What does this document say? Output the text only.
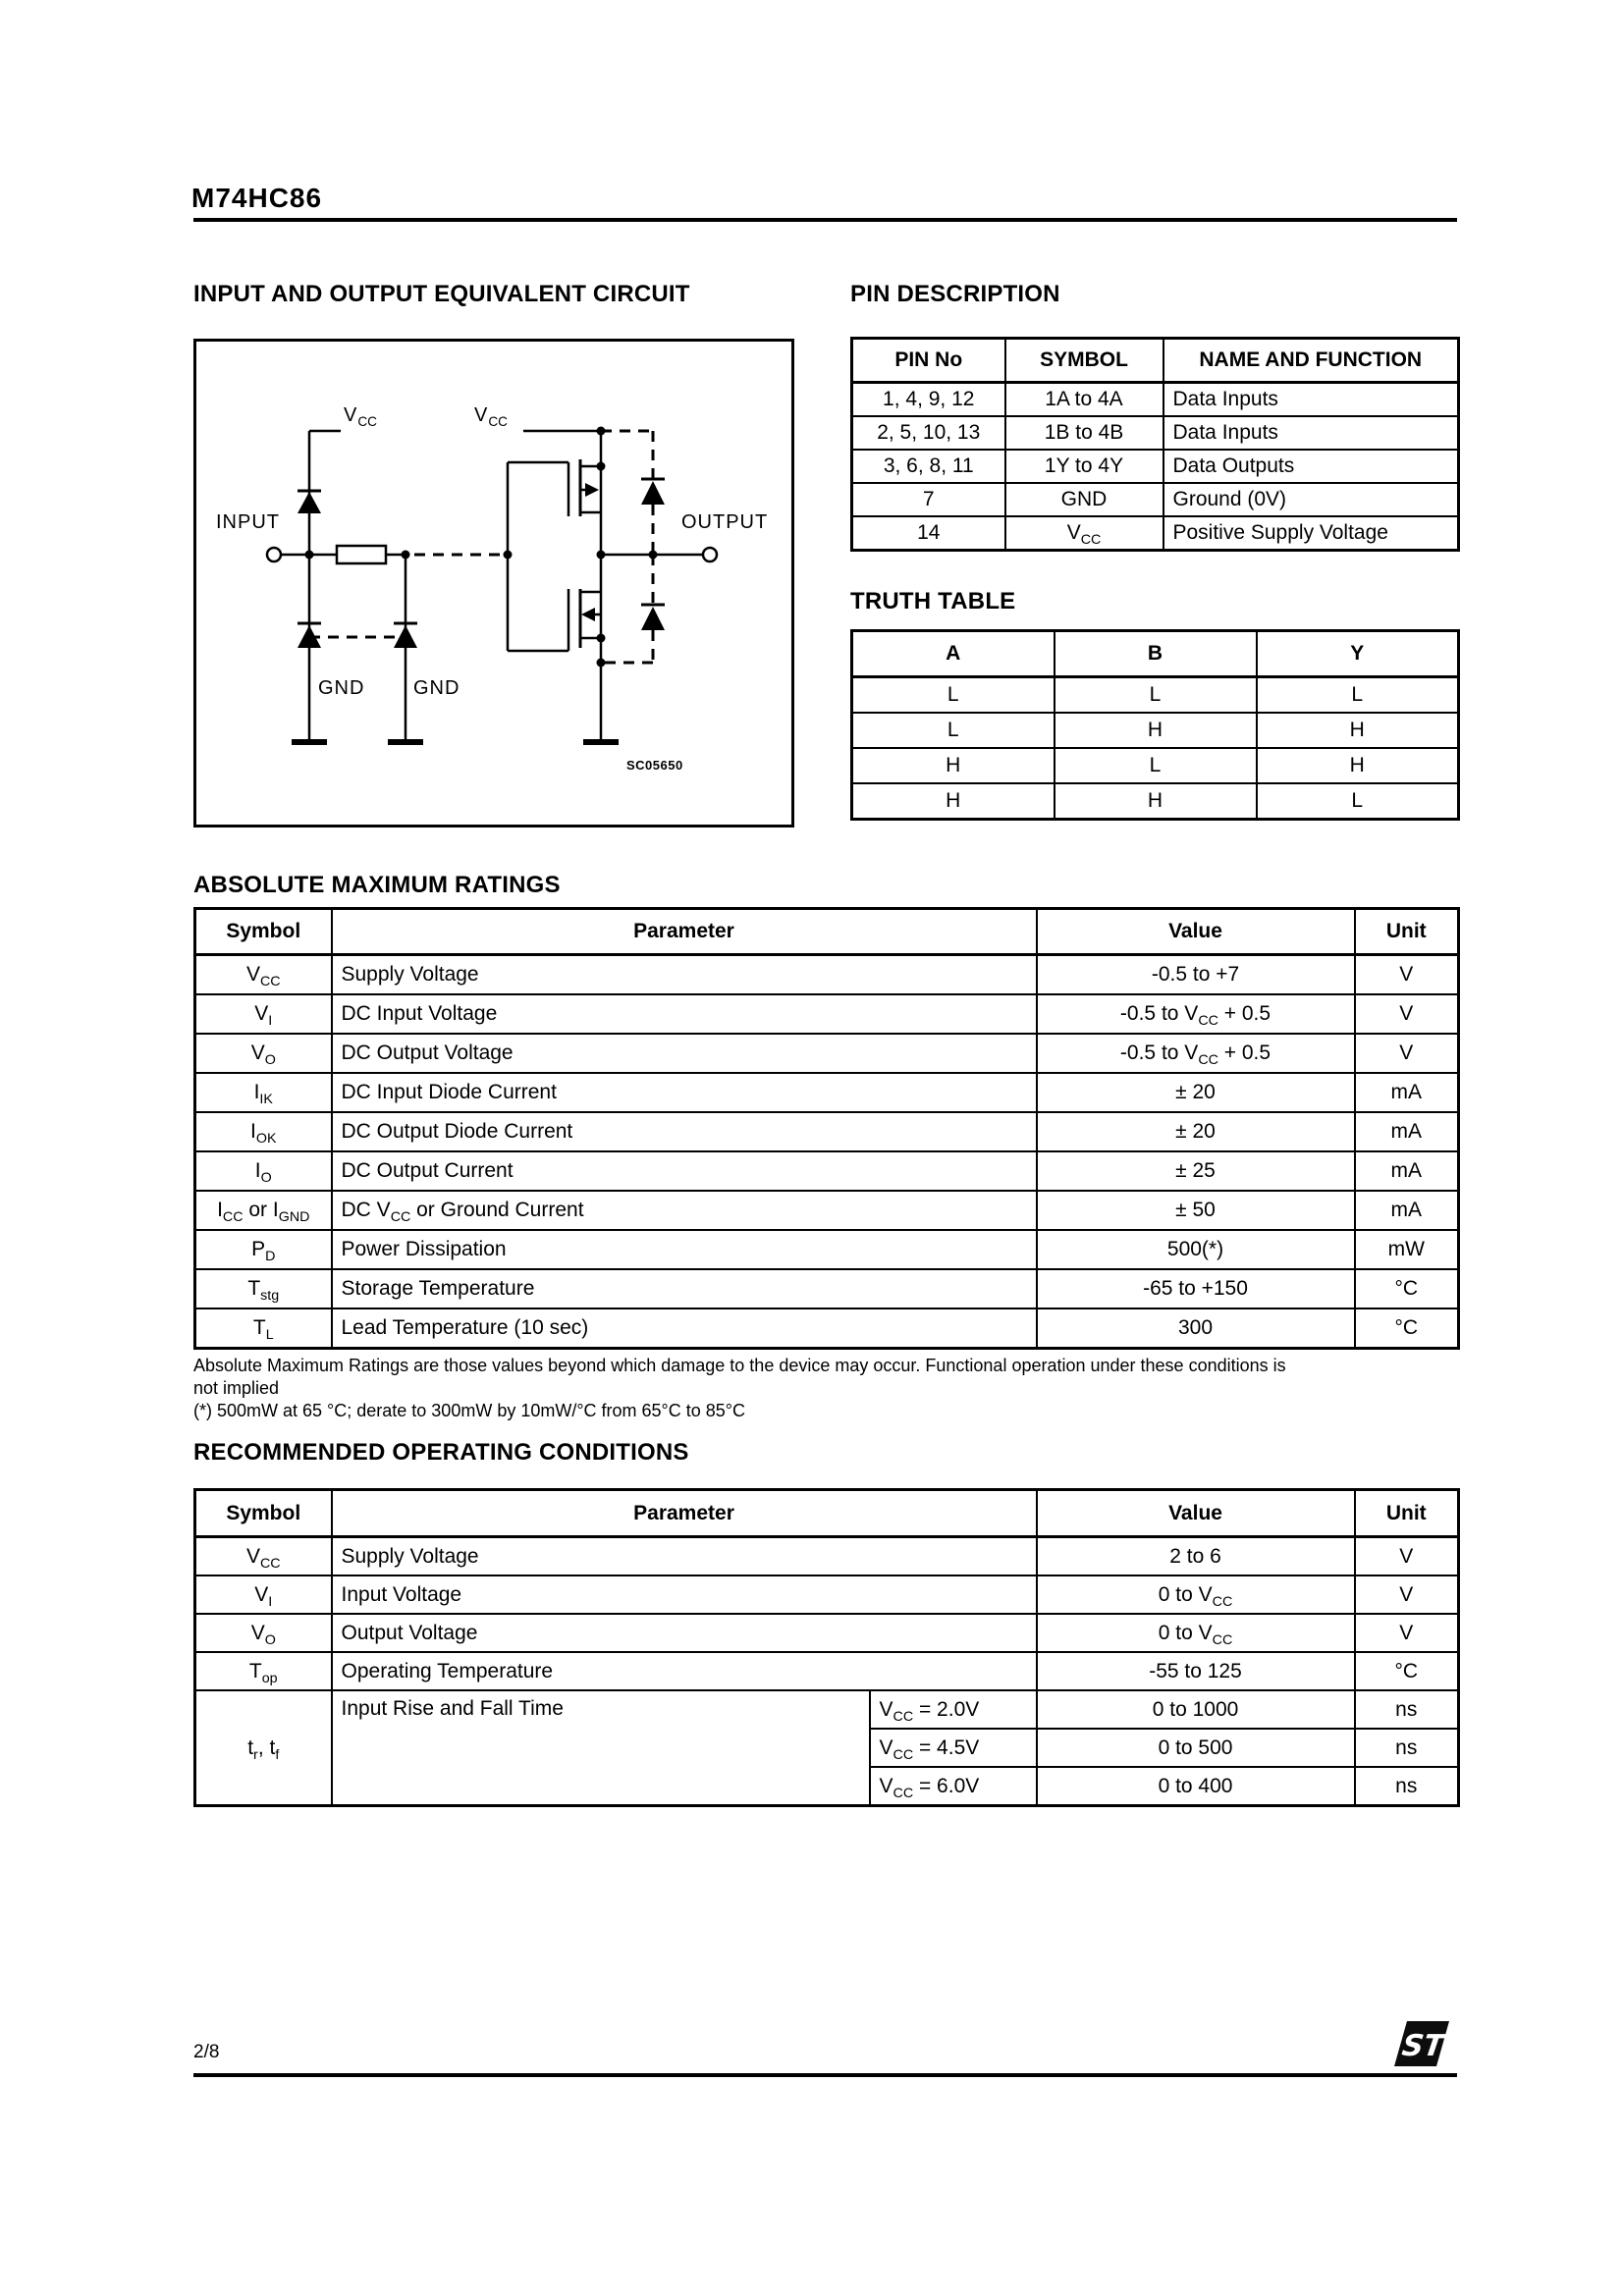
M74HC86
INPUT AND OUTPUT EQUIVALENT CIRCUIT
$V_{CC}$	$V_{CC}$
INPUT	OUTPUT
GND GND
SC05650
PIN DESCRIPTION
PIN No	SYMBOL	NAME AND FUNCTION
1, 4, 9, 12	1A to 4A	Data Inputs
2, 5, 10, 13	1B to 4B	Data Inputs
3, 6, 8, 11	1Y to 4Y	Data Outputs
7	GND	Ground (0V)
14	$V_{CC}$	Positive Supply Voltage
TRUTH TABLE
A	B	Y
L	L	L
L	H	H
H	L	H
H	H	L
ABSOLUTE MAXIMUM RATINGS
Symbol	Parameter	Value	Unit
$V_{CC}$	Supply Voltage	-0.5 to +7	V
$V_I$	DC Input Voltage	-0.5 to $V_{CC} + 0.5$	V
$V_O$	DC Output Voltage	-0.5 to $V_{CC} + 0.5$	V
$I_{IK}$	DC Input Diode Current	± 20	mA
$I_{OK}$	DC Output Diode Current	± 20	mA
$I_O$	DC Output Current	± 25	mA
$I_{CC}$ or $I_{GND}$	DC $V_{CC}$ or Ground Current	± 50	mA
$P_D$	Power Dissipation	500(*)	mW
$T_{stg}$	Storage Temperature	-65 to +150	°C
$T_L$	Lead Temperature (10 sec)	300	°C
Absolute Maximum Ratings are those values beyond which damage to the device may occur. Functional operation under these conditions is
not implied
(*) 500mW at 65 °C; derate to 300mW by 10mW/°C from 65°C to 85°C
RECOMMENDED OPERATING CONDITIONS
Symbol	Parameter		Value	Unit
$V_{CC}$	Supply Voltage		2 to 6	V
$V_I$	Input Voltage		0 to $V_{CC}$	V
$V_O$	Output Voltage		0 to $V_{CC}$	V
$T_{op}$	Operating Temperature		-55 to 125	°C
$t_r$, $t_f$	Input Rise and Fall Time	$V_{CC} = 2.0V$	0 to 1000	ns
		$V_{CC} = 4.5V$	0 to 500	ns
		$V_{CC} = 6.0V$	0 to 400	ns
2/8	ST
